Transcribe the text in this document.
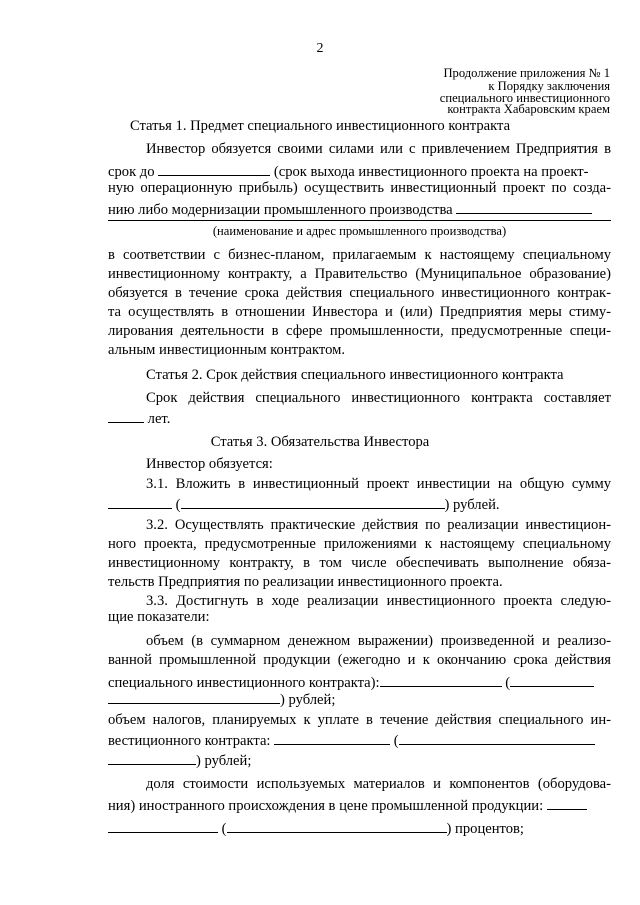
2
Продолжение приложения № 1
к Порядку заключения
специального инвестиционного
контракта Хабаровским краем
Статья 1. Предмет специального инвестиционного контракта
Инвестор обязуется своими силами или с привлечением Предприятия в
срок до	(срок выхода инвестиционного проекта на проект-
ную операционную прибыль) осуществить инвестиционный проект по созда-
нию либо модернизации промышленного производства
(наименование и адрес промышленного производства)
в соответствии с бизнес-планом, прилагаемым к настоящему специальному
инвестиционному контракту, а Правительство (Муниципальное образование)
обязуется в течение срока действия специального инвестиционного контрак-
та осуществлять в отношении Инвестора и (или) Предприятия меры стиму-
лирования деятельности в сфере промышленности, предусмотренные специ-
альным инвестиционным контрактом.
Статья 2. Срок действия специального инвестиционного контракта
Срок действия специального инвестиционного контракта составляет
лет.
Статья 3. Обязательства Инвестора
Инвестор обязуется:
3.1. Вложить в инвестиционный проект инвестиции на общую сумму
(	) рублей.
3.2. Осуществлять практические действия по реализации инвестицион-
ного проекта, предусмотренные приложениями к настоящему специальному
инвестиционному контракту, в том числе обеспечивать выполнение обяза-
тельств Предприятия по реализации инвестиционного проекта.
3.3. Достигнуть в ходе реализации инвестиционного проекта следую-
щие показатели:
объем (в суммарном денежном выражении) произведенной и реализо-
ванной промышленной продукции (ежегодно и к окончанию срока действия
специального инвестиционного контракта):	(
) рублей;
объем налогов, планируемых к уплате в течение действия специального ин-
вестиционного контракта:	(
) рублей;
доля стоимости используемых материалов и компонентов (оборудова-
ния) иностранного происхождения в цене промышленной продукции:
(	) процентов;
